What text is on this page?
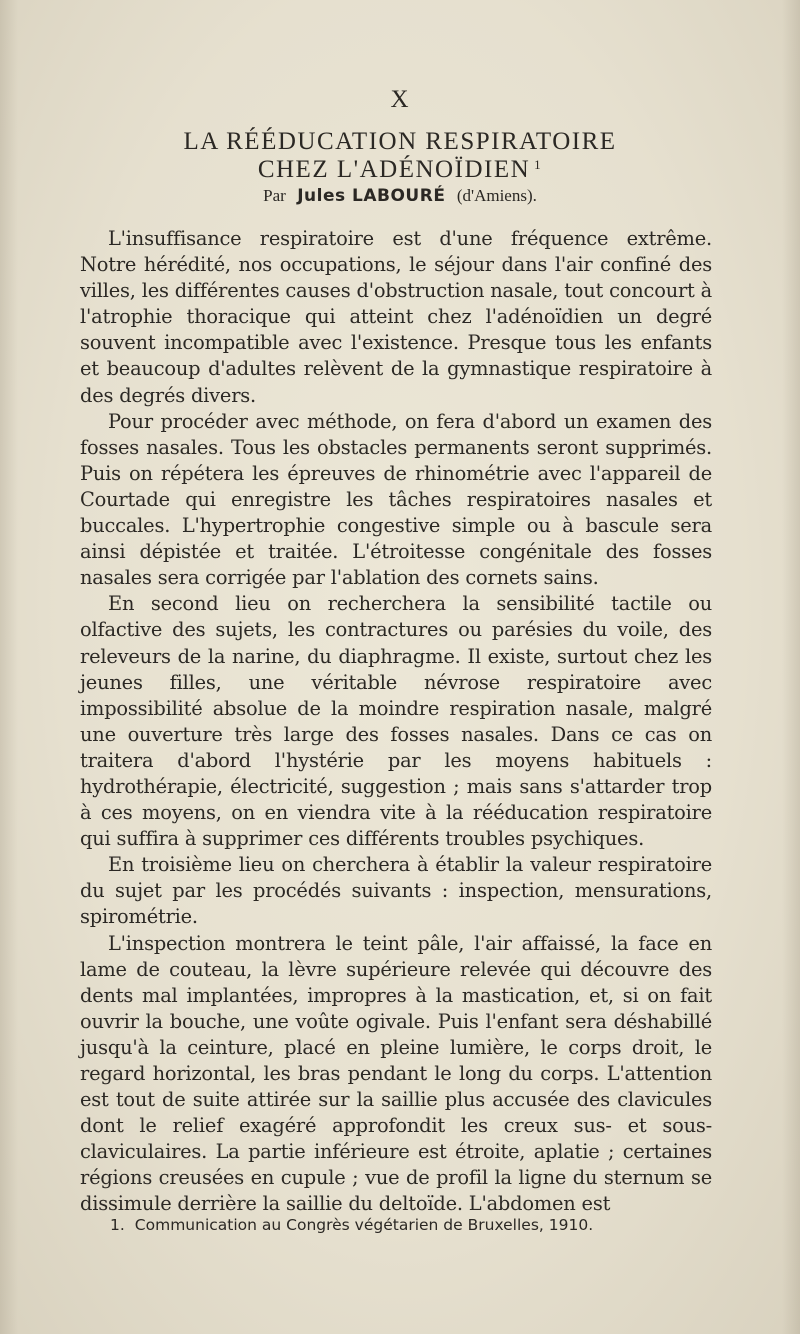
X
LA RÉÉDUCATION RESPIRATOIRE
CHEZ L'ADÉNOÏDIEN $^1$
Par Jules LABOURÉ (d'Amiens).

L'insuffisance respiratoire est d'une fréquence extrême. Notre hérédité, nos occupations, le séjour dans l'air confiné des villes, les différentes causes d'obstruction nasale, tout concourt à l'atrophie thoracique qui atteint chez l'adénoïdien un degré souvent incompatible avec l'existence. Presque tous les enfants et beaucoup d'adultes relèvent de la gymnastique respiratoire à des degrés divers.

Pour procéder avec méthode, on fera d'abord un examen des fosses nasales. Tous les obstacles permanents seront supprimés. Puis on répétera les épreuves de rhinométrie avec l'appareil de Courtade qui enregistre les tâches respiratoires nasales et buccales. L'hypertrophie congestive simple ou à bascule sera ainsi dépistée et traitée. L'étroitesse congénitale des fosses nasales sera corrigée par l'ablation des cornets sains.

En second lieu on recherchera la sensibilité tactile ou olfactive des sujets, les contractures ou parésies du voile, des releveurs de la narine, du diaphragme. Il existe, surtout chez les jeunes filles, une véritable névrose respiratoire avec impossibilité absolue de la moindre respiration nasale, malgré une ouverture très large des fosses nasales. Dans ce cas on traitera d'abord l'hystérie par les moyens habituels : hydrothérapie, électricité, suggestion ; mais sans s'attarder trop à ces moyens, on en viendra vite à la rééducation respiratoire qui suffira à supprimer ces différents troubles psychiques.

En troisième lieu on cherchera à établir la valeur respiratoire du sujet par les procédés suivants : inspection, mensurations, spirométrie.

L'inspection montrera le teint pâle, l'air affaissé, la face en lame de couteau, la lèvre supérieure relevée qui découvre des dents mal implantées, impropres à la mastication, et, si on fait ouvrir la bouche, une voûte ogivale. Puis l'enfant sera déshabillé jusqu'à la ceinture, placé en pleine lumière, le corps droit, le regard horizontal, les bras pendant le long du corps. L'attention est tout de suite attirée sur la saillie plus accusée des clavicules dont le relief exagéré approfondit les creux sus- et sous-claviculaires. La partie inférieure est étroite, aplatie ; certaines régions creusées en cupule ; vue de profil la ligne du sternum se dissimule derrière la saillie du deltoïde. L'abdomen est

1. Communication au Congrès végétarien de Bruxelles, 1910.
